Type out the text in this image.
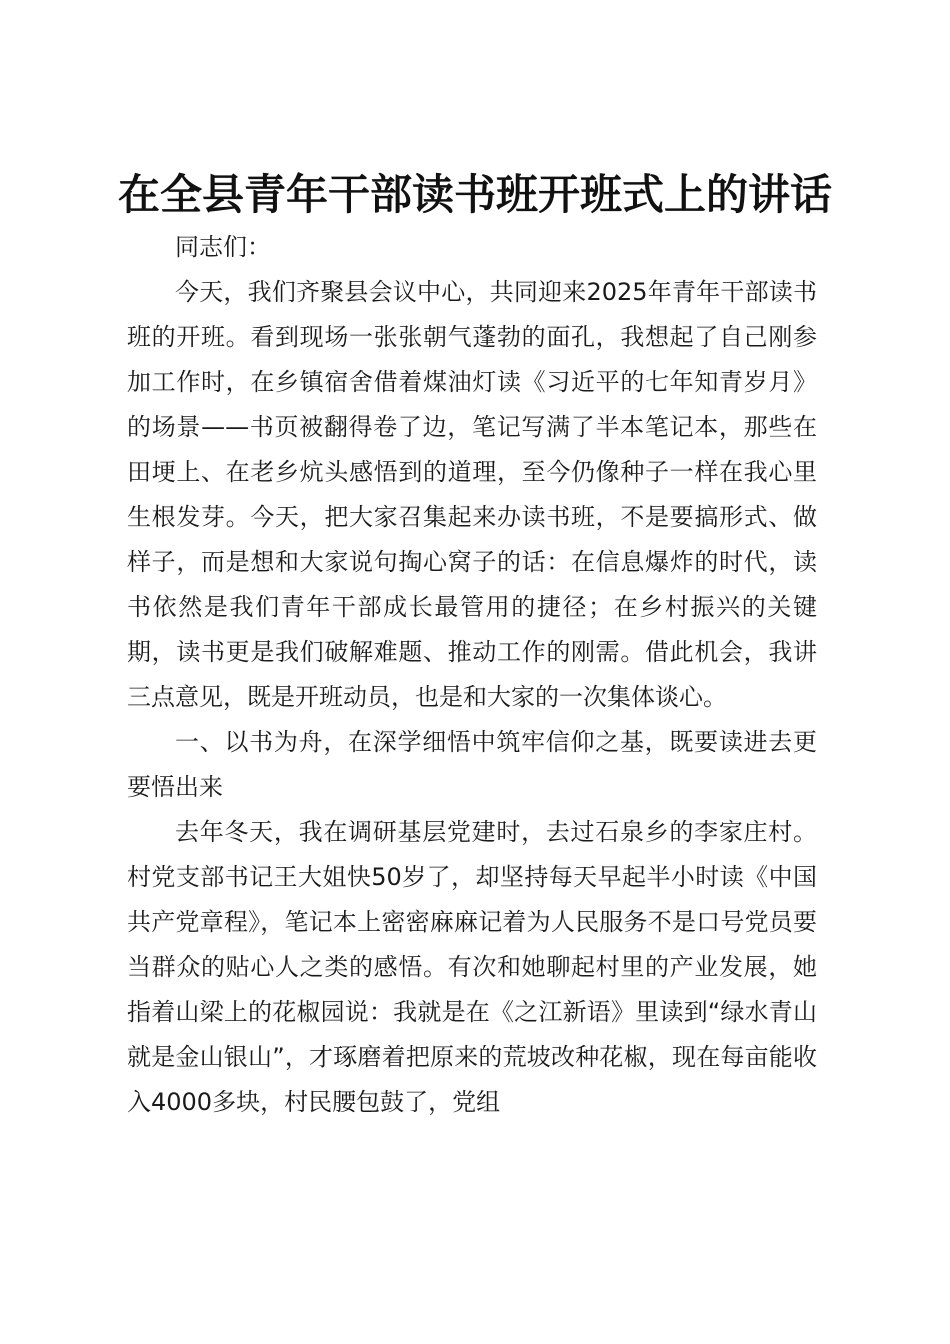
在全县青年干部读书班开班式上的讲话

同志们：

今天，我们齐聚县会议中心，共同迎来2025年青年干部读书班的开班。看到现场一张张朝气蓬勃的面孔，我想起了自己刚参加工作时，在乡镇宿舍借着煤油灯读《习近平的七年知青岁月》的场景——书页被翻得卷了边，笔记写满了半本笔记本，那些在田埂上、在老乡炕头感悟到的道理，至今仍像种子一样在我心里生根发芽。今天，把大家召集起来办读书班，不是要搞形式、做样子，而是想和大家说句掏心窝子的话：在信息爆炸的时代，读书依然是我们青年干部成长最管用的捷径；在乡村振兴的关键期，读书更是我们破解难题、推动工作的刚需。借此机会，我讲三点意见，既是开班动员，也是和大家的一次集体谈心。

一、以书为舟，在深学细悟中筑牢信仰之基，既要读进去更要悟出来

去年冬天，我在调研基层党建时，去过石泉乡的李家庄村。村党支部书记王大姐快50岁了，却坚持每天早起半小时读《中国共产党章程》，笔记本上密密麻麻记着为人民服务不是口号党员要当群众的贴心人之类的感悟。有次和她聊起村里的产业发展，她指着山梁上的花椒园说：我就是在《之江新语》里读到“绿水青山就是金山银山”，才琢磨着把原来的荒坡改种花椒，现在每亩能收入4000多块，村民腰包鼓了，党组
